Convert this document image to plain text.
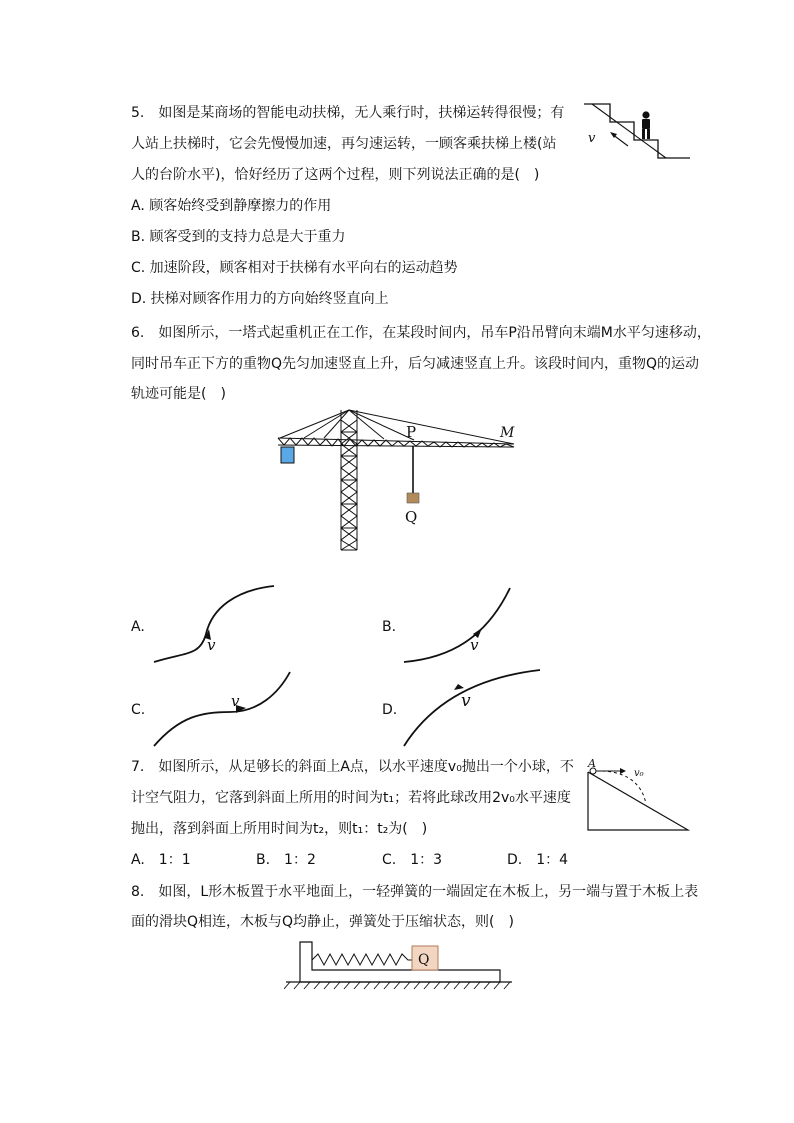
5.　如图是某商场的智能电动扶梯，无人乘行时，扶梯运转得很慢；有
人站上扶梯时，它会先慢慢加速，再匀速运转，一顾客乘扶梯上楼(站
人的台阶水平)，恰好经历了这两个过程，则下列说法正确的是(　)
v
A. 顾客始终受到静摩擦力的作用
B. 顾客受到的支持力总是大于重力
C. 加速阶段，顾客相对于扶梯有水平向右的运动趋势
D. 扶梯对顾客作用力的方向始终竖直向上
6.　如图所示，一塔式起重机正在工作，在某段时间内，吊车P沿吊臂向末端M水平匀速移动，
同时吊车正下方的重物Q先匀加速竖直上升，后匀减速竖直上升。该段时间内，重物Q的运动
轨迹可能是(　)
P	M
Q
A.
v
B.
v
C.	v	D.	v
7.　如图所示，从足够长的斜面上A点，以水平速度v₀抛出一个小球，不
计空气阻力，它落到斜面上所用的时间为t₁；若将此球改用2v₀水平速度
抛出，落到斜面上所用时间为t₂，则t₁：t₂为(　)
A
v₀
A.　1：1	B.　1：2	C.　1：3	D.　1：4
8.　如图，L形木板置于水平地面上，一轻弹簧的一端固定在木板上，另一端与置于木板上表
面的滑块Q相连，木板与Q均静止，弹簧处于压缩状态，则(　)
Q
